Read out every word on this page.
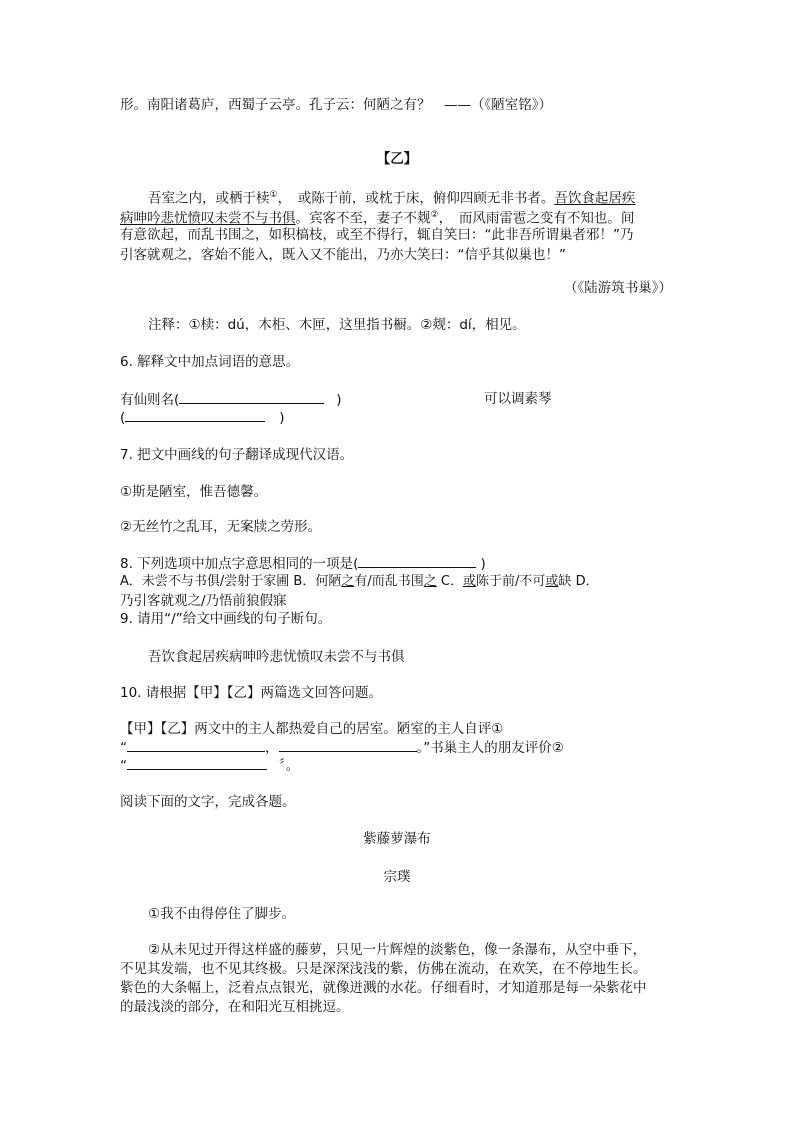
形。南阳诸葛庐，西蜀子云亭。孔子云：何陋之有？　——（《陋室铭》）
【乙】
吾室之内，或栖于椟①，　或陈于前，或枕于床，俯仰四顾无非书者。吾饮食起居疾
病呻吟悲忧愤叹未尝不与书俱。宾客不至，妻子不觌②，　而风雨雷雹之变有不知也。间
有意欲起，而乱书围之，如积槁枝，或至不得行，辄自笑曰：“此非吾所谓巢者邪！”乃
引客就观之，客始不能入，既入又不能出，乃亦大笑曰：“信乎其似巢也！”
（《陆游筑书巢》）
注释：①椟：dú，木柜、木匣，这里指书橱。②觌：dí，相见。
6. 解释文中加点词语的意思。
有仙则名(	)	可以调素琴
(	)
7. 把文中画线的句子翻译成现代汉语。
①斯是陋室，惟吾德馨。
②无丝竹之乱耳，无案牍之劳形。
8. 下列选项中加点字意思相同的一项是(	)
A．未尝不与书俱/尝射于家圃 B．何陋之有/而乱书围之 C．或陈于前/不可或缺 D．
乃引客就观之/乃悟前狼假寐
9. 请用“/”给文中画线的句子断句。
吾饮食起居疾病呻吟悲忧愤叹未尝不与书俱
10. 请根据【甲】【乙】两篇选文回答问题。
【甲】【乙】两文中的主人都热爱自己的居室。陋室的主人自评①
“	，	。”书巢主人的朋友评价②
“	〞。
阅读下面的文字，完成各题。
紫藤萝瀑布
宗璞
①我不由得停住了脚步。
②从未见过开得这样盛的藤萝，只见一片辉煌的淡紫色，像一条瀑布，从空中垂下，
不见其发端，也不见其终极。只是深深浅浅的紫，仿佛在流动，在欢笑，在不停地生长。
紫色的大条幅上，泛着点点银光，就像迸溅的水花。仔细看时，才知道那是每一朵紫花中
的最浅淡的部分，在和阳光互相挑逗。
